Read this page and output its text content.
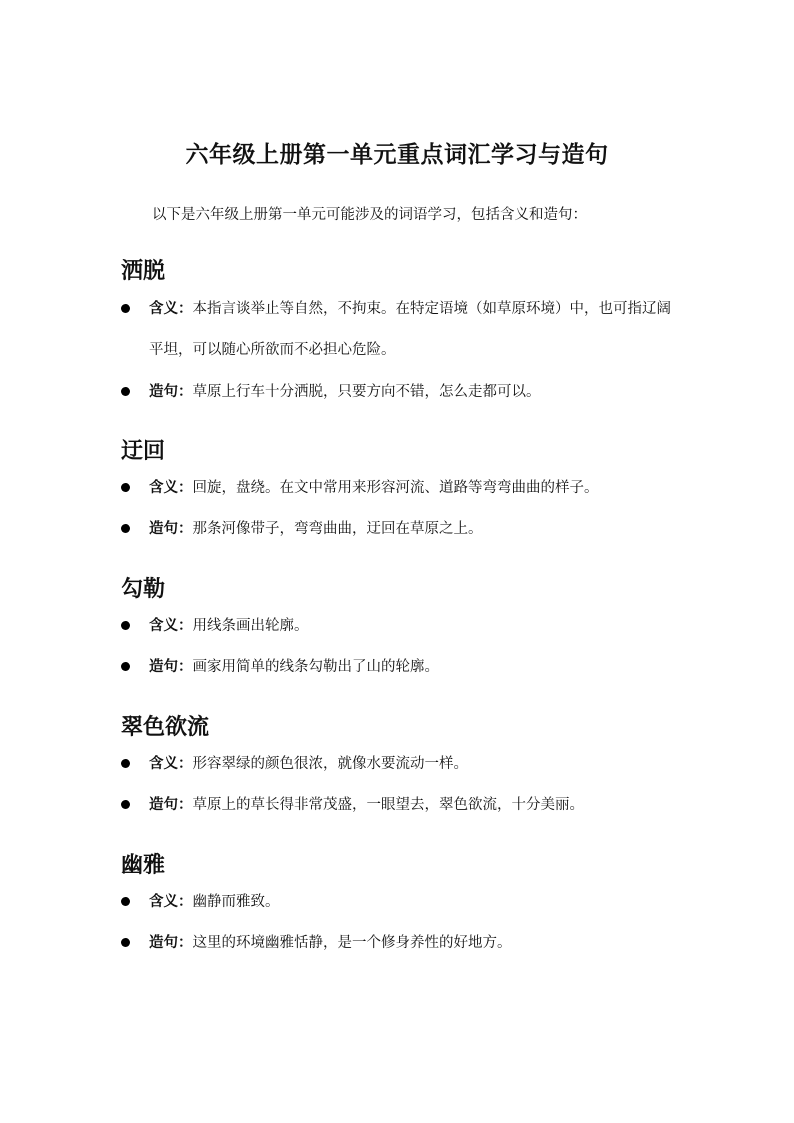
六年级上册第一单元重点词汇学习与造句
以下是六年级上册第一单元可能涉及的词语学习，包括含义和造句：
洒脱
含义：本指言谈举止等自然，不拘束。在特定语境（如草原环境）中，也可指辽阔平坦，可以随心所欲而不必担心危险。
造句：草原上行车十分洒脱，只要方向不错，怎么走都可以。
迂回
含义：回旋，盘绕。在文中常用来形容河流、道路等弯弯曲曲的样子。
造句：那条河像带子，弯弯曲曲，迂回在草原之上。
勾勒
含义：用线条画出轮廓。
造句：画家用简单的线条勾勒出了山的轮廓。
翠色欲流
含义：形容翠绿的颜色很浓，就像水要流动一样。
造句：草原上的草长得非常茂盛，一眼望去，翠色欲流，十分美丽。
幽雅
含义：幽静而雅致。
造句：这里的环境幽雅恬静，是一个修身养性的好地方。
